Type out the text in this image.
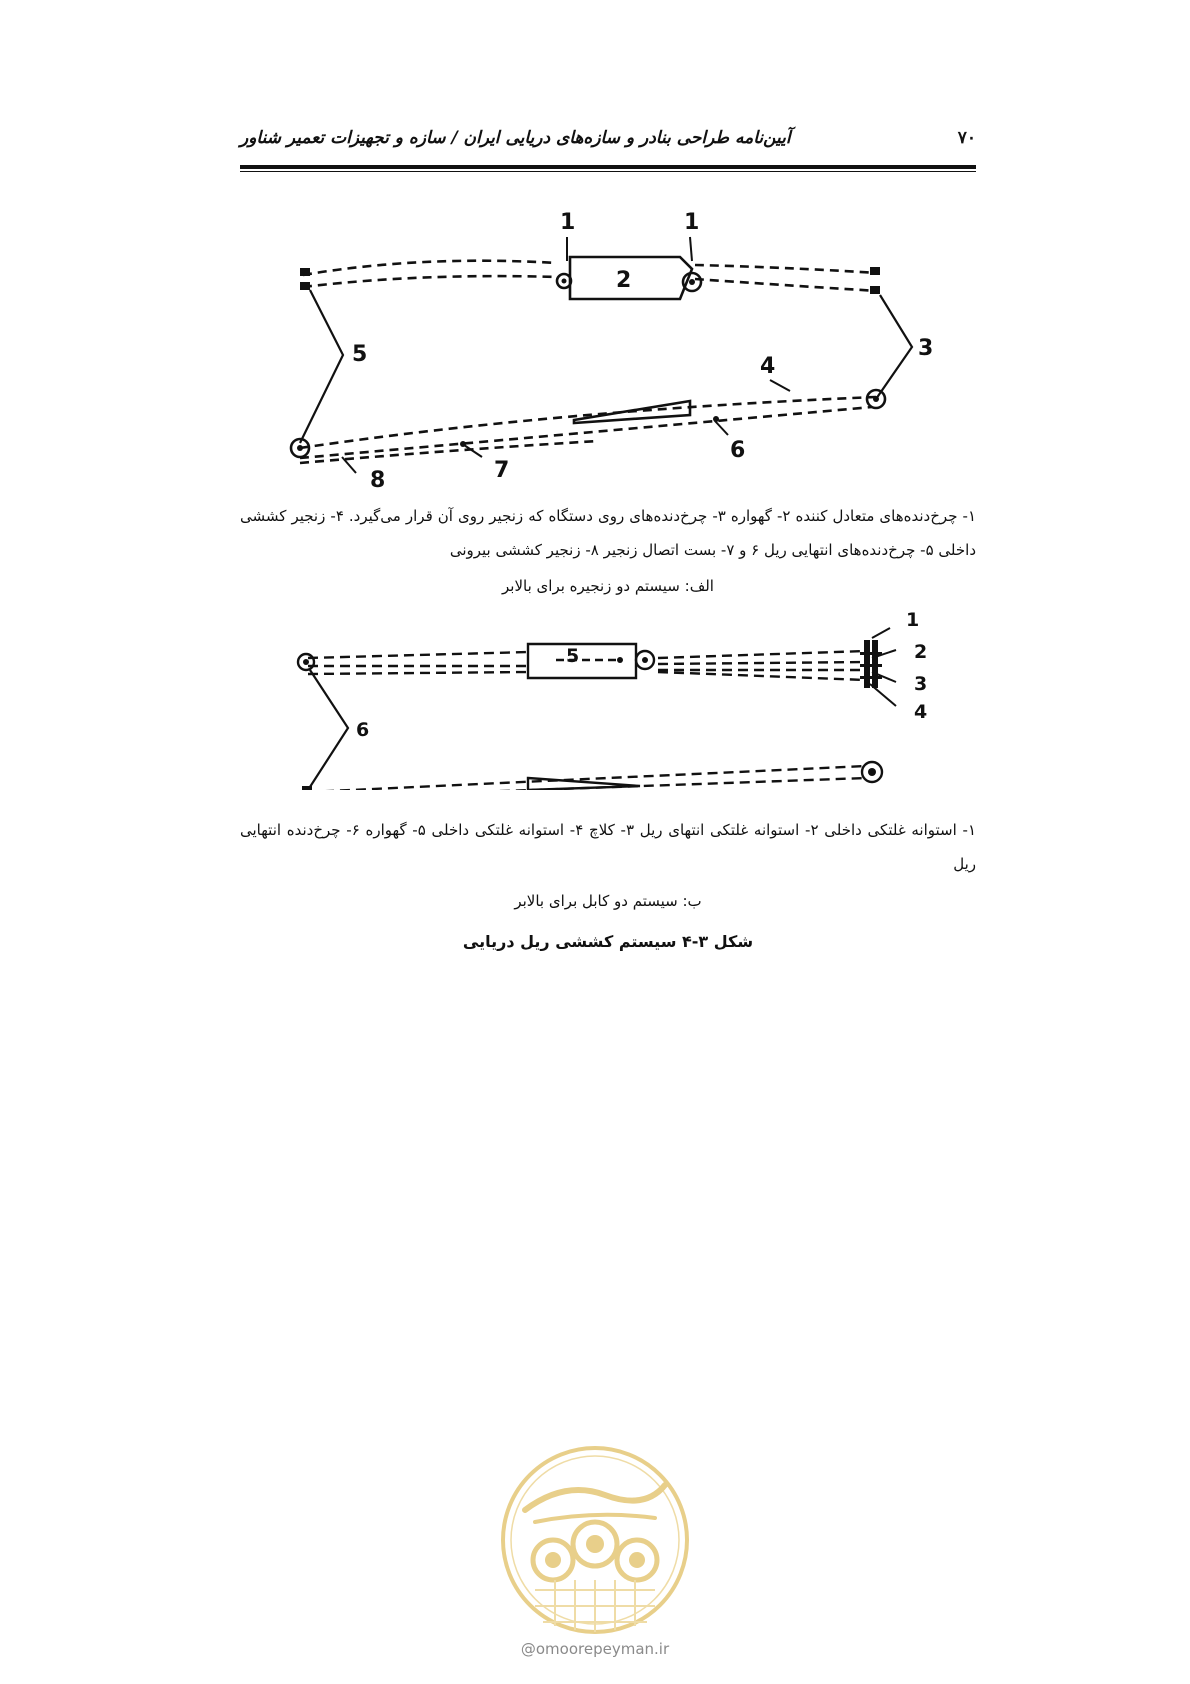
آیین‌نامه طراحی بنادر و سازه‌های دریایی ایران / سازه و تجهیزات تعمیر شناور	۷۰
1	1
2
3
4
5
6
7
8
۱- چرخ‌دنده‌های متعادل کننده ۲- گهواره ۳- چرخ‌دنده‌های روی دستگاه که زنجیر روی آن قرار می‌گیرد. ۴- زنجیر کششی داخلی ۵- چرخ‌دنده‌های انتهایی ریل ۶ و ۷- بست اتصال زنجیر ۸- زنجیر کششی بیرونی
الف: سیستم دو زنجیره برای بالابر
1
2
3
4
5
6
۱- استوانه غلتکی داخلی ۲- استوانه غلتکی انتهای ریل ۳- کلاچ ۴- استوانه غلتکی داخلی ۵- گهواره ۶- چرخ‌دنده انتهایی ریل
ب: سیستم دو کابل برای بالابر
شکل ۳-۴ سیستم کششی ریل دریایی
@omoorepeyman.ir
